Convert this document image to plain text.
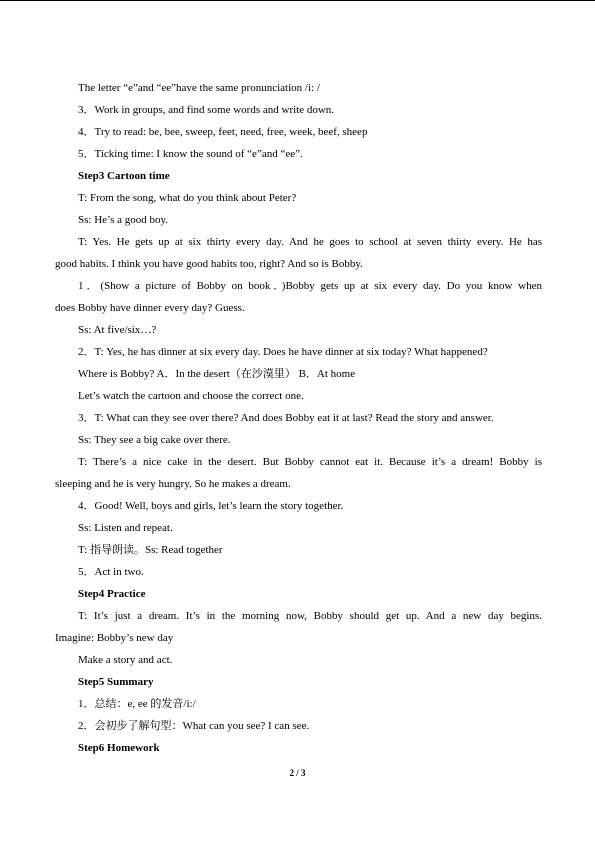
The letter “e”and “ee”have the same pronunciation /i: /
3．Work in groups, and find some words and write down.
4．Try to read: be, bee, sweep, feet, need, free, week, beef, sheep
5．Ticking time: I know the sound of “e”and “ee”.
Step3 Cartoon time
T: From the song, what do you think about Peter?
Ss: He’s a good boy.
T: Yes. He gets up at six thirty every day. And he goes to school at seven thirty every. He has
good habits. I think you have good habits too, right? And so is Bobby.
1．(Show a picture of Bobby on book．)Bobby gets up at six every day. Do you know when
does Bobby have dinner every day? Guess.
Ss: At five/six…?
2．T: Yes, he has dinner at six every day. Does he have dinner at six today? What happened?
Where is Bobby? A．In the desert（在沙漠里） B．At home
Let’s watch the cartoon and choose the correct one.
3．T: What can they see over there? And does Bobby eat it at last? Read the story and answer.
Ss: They see a big cake over there.
T: There’s a nice cake in the desert. But Bobby cannot eat it. Because it’s a dream! Bobby is
sleeping and he is very hungry. So he makes a dream.
4．Good! Well, boys and girls, let’s learn the story together.
Ss: Listen and repeat.
T: 指导朗读。Ss: Read together
5．Act in two.
Step4 Practice
T: It’s just a dream. It’s in the morning now, Bobby should get up. And a new day begins.
Imagine: Bobby’s new day
Make a story and act.
Step5 Summary
1．总结：e, ee 的发音/i:/
2．会初步了解句型：What can you see? I can see.
Step6 Homework
2 / 3
